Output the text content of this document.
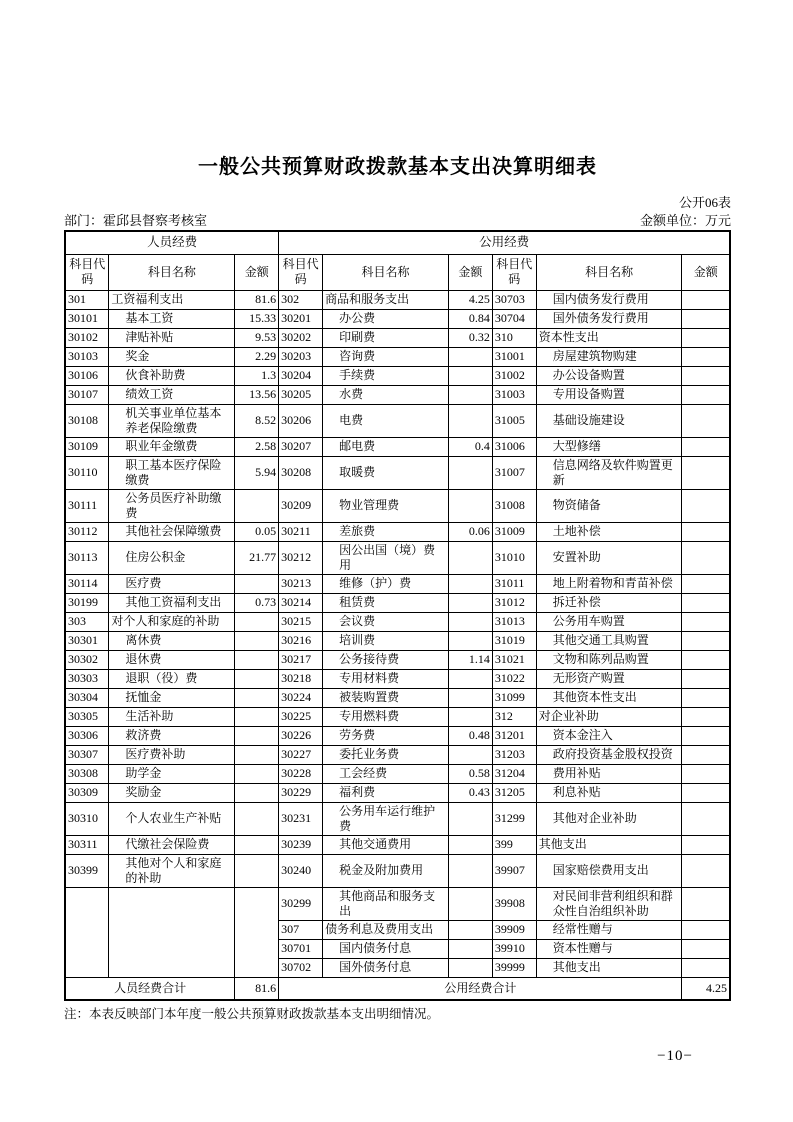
一般公共预算财政拨款基本支出决算明细表
公开06表
部门：霍邱县督察考核室	金额单位：万元
人员经费			公用经费					
科目代码	科目名称	金额	科目代码	科目名称	金额	科目代码	科目名称	金额
301	工资福利支出	81.6	302	商品和服务支出	4.25	30703	国内债务发行费用	
30101	基本工资	15.33	30201	办公费	0.84	30704	国外债务发行费用	
30102	津贴补贴	9.53	30202	印刷费	0.32	310	资本性支出	
30103	奖金	2.29	30203	咨询费		31001	房屋建筑物购建	
30106	伙食补助费	1.3	30204	手续费		31002	办公设备购置	
30107	绩效工资	13.56	30205	水费		31003	专用设备购置	
30108	机关事业单位基本养老保险缴费	8.52	30206	电费		31005	基础设施建设	
30109	职业年金缴费	2.58	30207	邮电费	0.4	31006	大型修缮	
30110	职工基本医疗保险缴费	5.94	30208	取暖费		31007	信息网络及软件购置更新	
30111	公务员医疗补助缴费		30209	物业管理费		31008	物资储备	
30112	其他社会保障缴费	0.05	30211	差旅费	0.06	31009	土地补偿	
30113	住房公积金	21.77	30212	因公出国（境）费用		31010	安置补助	
30114	医疗费		30213	维修（护）费		31011	地上附着物和青苗补偿	
30199	其他工资福利支出	0.73	30214	租赁费		31012	拆迁补偿	
303	对个人和家庭的补助		30215	会议费		31013	公务用车购置	
30301	离休费		30216	培训费		31019	其他交通工具购置	
30302	退休费		30217	公务接待费	1.14	31021	文物和陈列品购置	
30303	退职（役）费		30218	专用材料费		31022	无形资产购置	
30304	抚恤金		30224	被装购置费		31099	其他资本性支出	
30305	生活补助		30225	专用燃料费		312	对企业补助	
30306	救济费		30226	劳务费	0.48	31201	资本金注入	
30307	医疗费补助		30227	委托业务费		31203	政府投资基金股权投资	
30308	助学金		30228	工会经费	0.58	31204	费用补贴	
30309	奖励金		30229	福利费	0.43	31205	利息补贴	
30310	个人农业生产补贴		30231	公务用车运行维护费		31299	其他对企业补助	
30311	代缴社会保险费		30239	其他交通费用		399	其他支出	
30399	其他对个人和家庭的补助		30240	税金及附加费用		39907	国家赔偿费用支出	
			30299	其他商品和服务支出		39908	对民间非营利组织和群众性自治组织补助	
			307	债务利息及费用支出		39909	经常性赠与	
			30701	国内债务付息		39910	资本性赠与	
			30702	国外债务付息		39999	其他支出	
人员经费合计		81.6	公用经费合计					4.25
注：本表反映部门本年度一般公共预算财政拨款基本支出明细情况。
−10−
